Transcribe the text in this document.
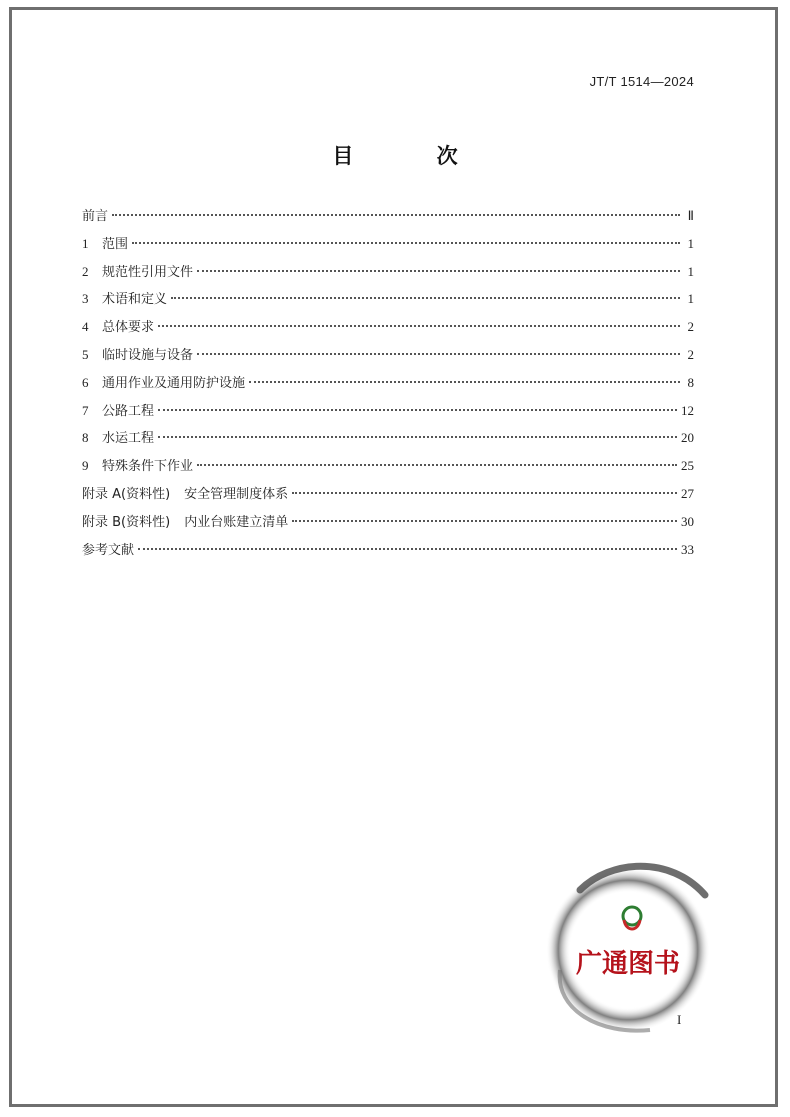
JT/T 1514—2024
目 次
前言	Ⅱ
1	范围	1
2	规范性引用文件	1
3	术语和定义	1
4	总体要求	2
5	临时设施与设备	2
6	通用作业及通用防护设施	8
7	公路工程	12
8	水运工程	20
9	特殊条件下作业	25
附录 A(资料性) 安全管理制度体系	27
附录 B(资料性) 内业台账建立清单	30
参考文献	33
I
广通图书
